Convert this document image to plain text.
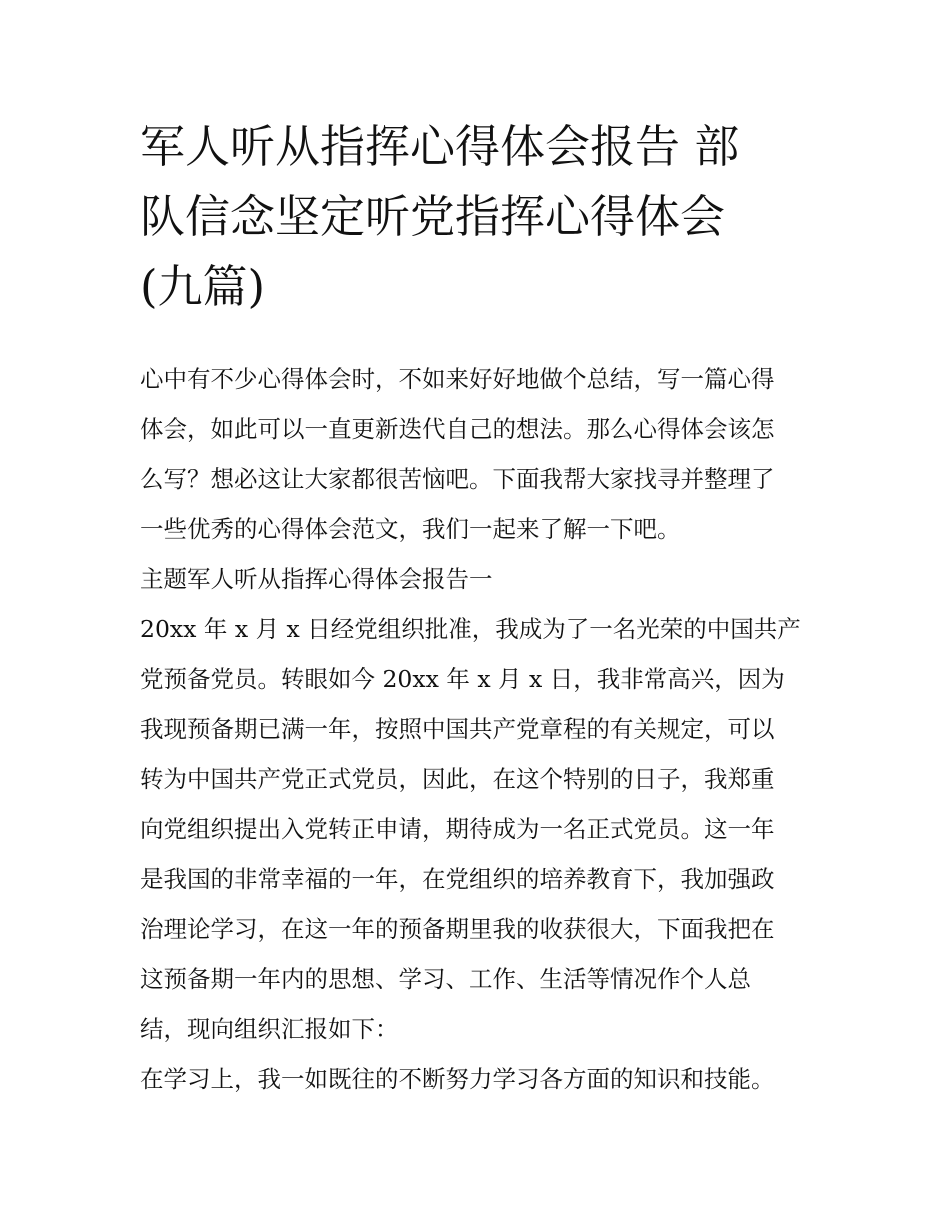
军人听从指挥心得体会报告 部
队信念坚定听党指挥心得体会
(九篇)
心中有不少心得体会时，不如来好好地做个总结，写一篇心得
体会，如此可以一直更新迭代自己的想法。那么心得体会该怎
么写？想必这让大家都很苦恼吧。下面我帮大家找寻并整理了
一些优秀的心得体会范文，我们一起来了解一下吧。
主题军人听从指挥心得体会报告一
20xx 年 x 月 x 日经党组织批准，我成为了一名光荣的中国共产
党预备党员。转眼如今 20xx 年 x 月 x 日，我非常高兴，因为
我现预备期已满一年，按照中国共产党章程的有关规定，可以
转为中国共产党正式党员，因此，在这个特别的日子，我郑重
向党组织提出入党转正申请，期待成为一名正式党员。这一年
是我国的非常幸福的一年，在党组织的培养教育下，我加强政
治理论学习，在这一年的预备期里我的收获很大，下面我把在
这预备期一年内的思想、学习、工作、生活等情况作个人总
结，现向组织汇报如下：
在学习上，我一如既往的不断努力学习各方面的知识和技能。
